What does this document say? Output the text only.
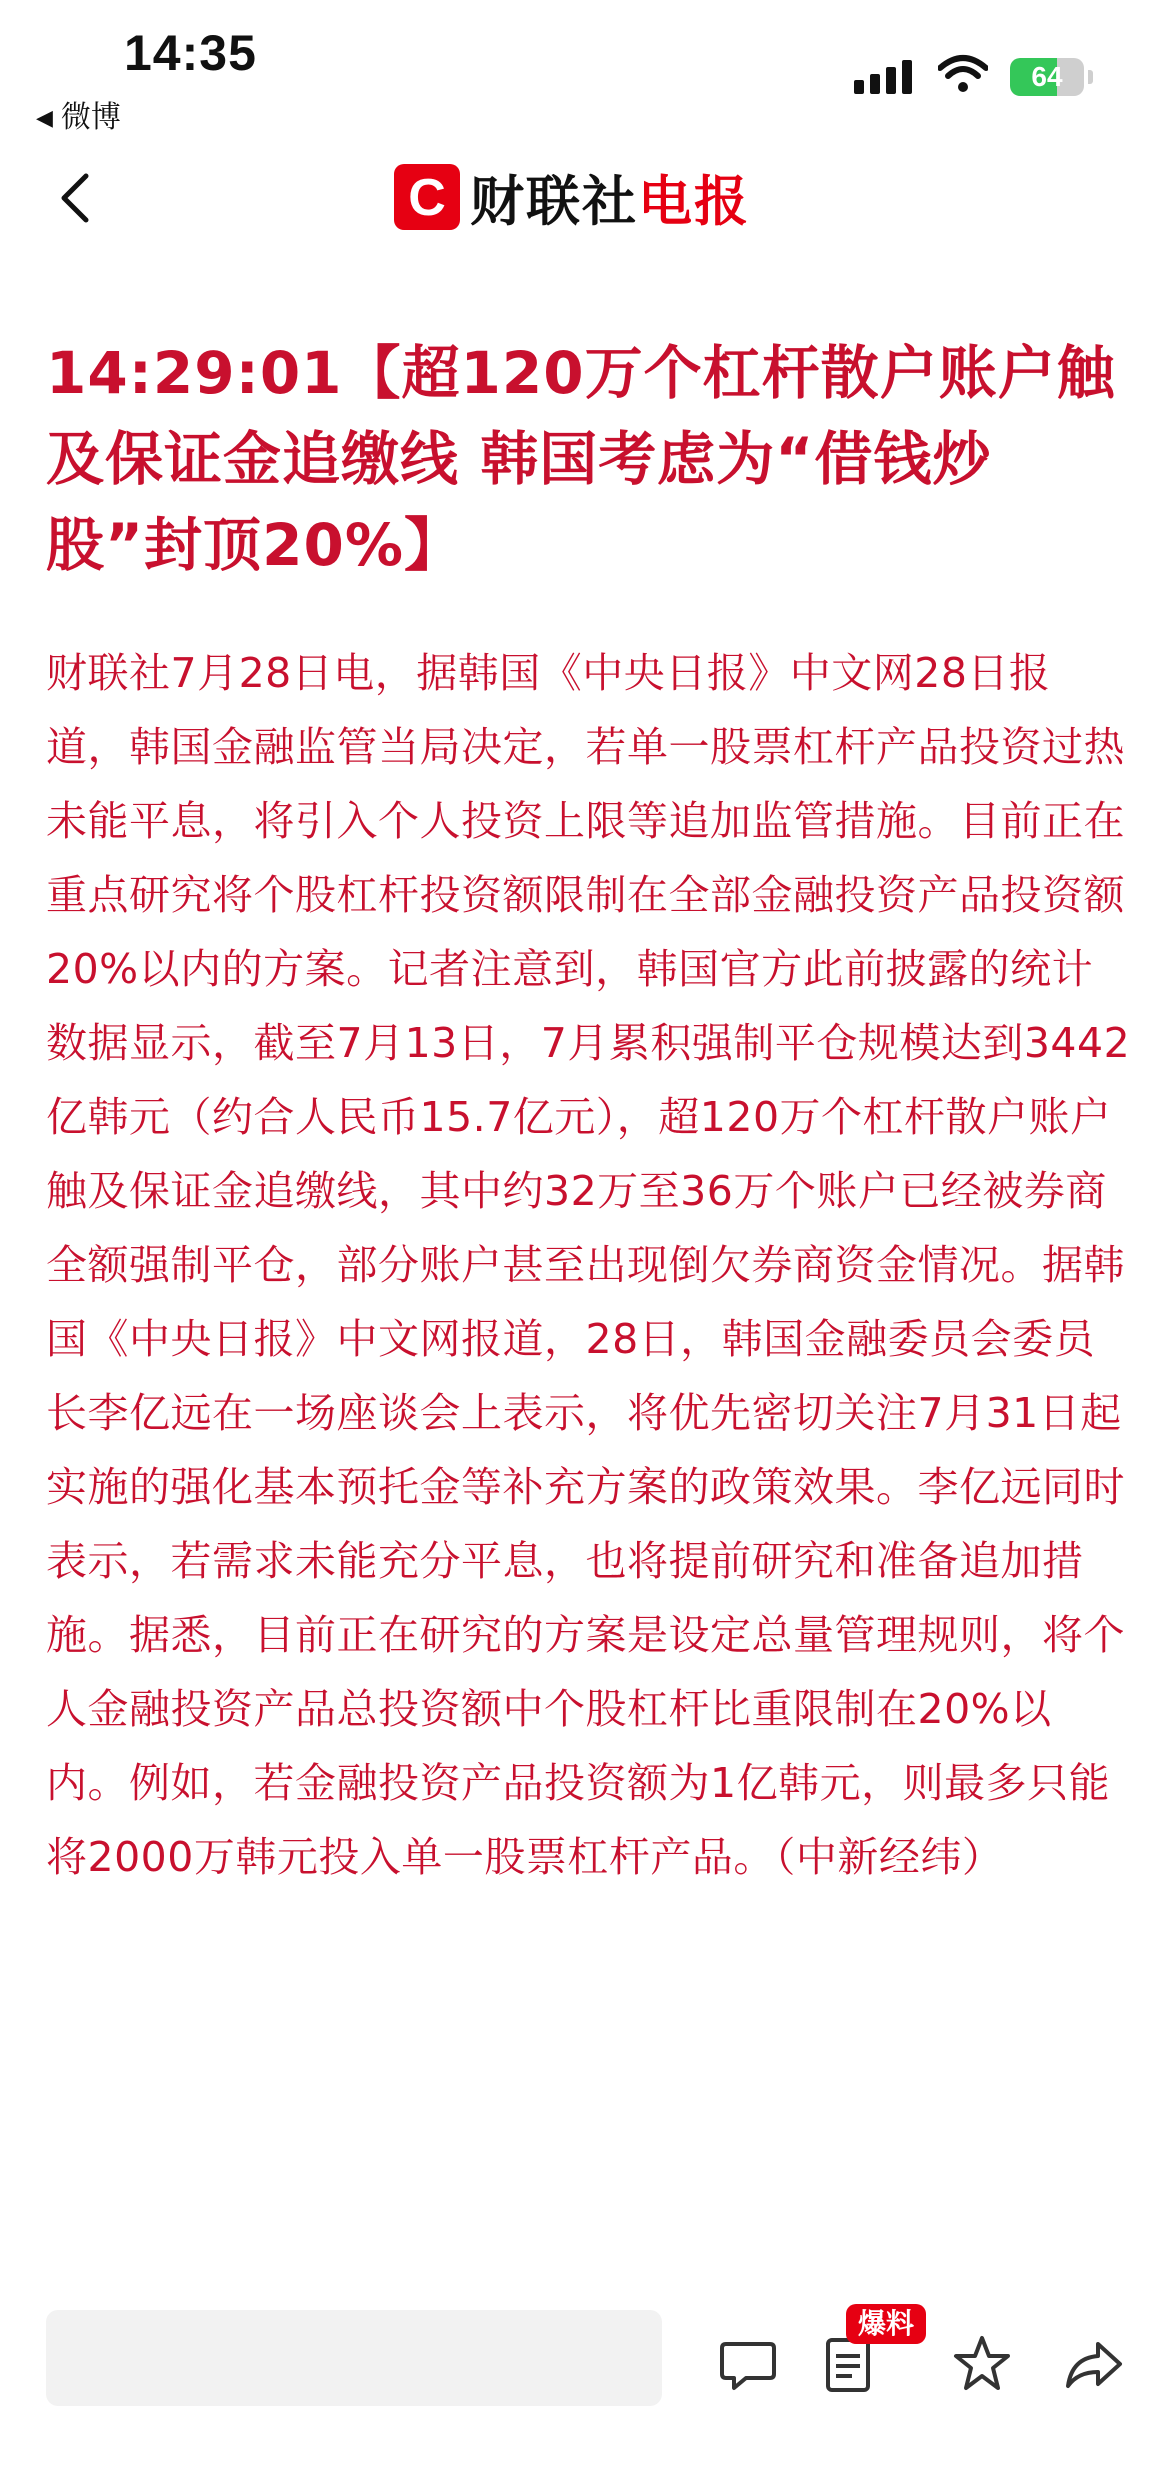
14:35
◀ 微博
64
C 财联社电报
14:29:01【超120万个杠杆散户账户触及保证金追缴线 韩国考虑为“借钱炒股”封顶20%】
财联社7月28日电，据韩国《中央日报》中文网28日报道，韩国金融监管当局决定，若单一股票杠杆产品投资过热未能平息，将引入个人投资上限等追加监管措施。目前正在重点研究将个股杠杆投资额限制在全部金融投资产品投资额20%以内的方案。记者注意到，韩国官方此前披露的统计数据显示，截至7月13日，7月累积强制平仓规模达到3442亿韩元（约合人民币15.7亿元），超120万个杠杆散户账户触及保证金追缴线，其中约32万至36万个账户已经被券商全额强制平仓，部分账户甚至出现倒欠券商资金情况。据韩国《中央日报》中文网报道，28日，韩国金融委员会委员长李亿远在一场座谈会上表示，将优先密切关注7月31日起实施的强化基本预托金等补充方案的政策效果。李亿远同时表示，若需求未能充分平息，也将提前研究和准备追加措施。据悉，目前正在研究的方案是设定总量管理规则，将个人金融投资产品总投资额中个股杠杆比重限制在20%以内。例如，若金融投资产品投资额为1亿韩元，则最多只能将2000万韩元投入单一股票杠杆产品。（中新经纬）
爆料
